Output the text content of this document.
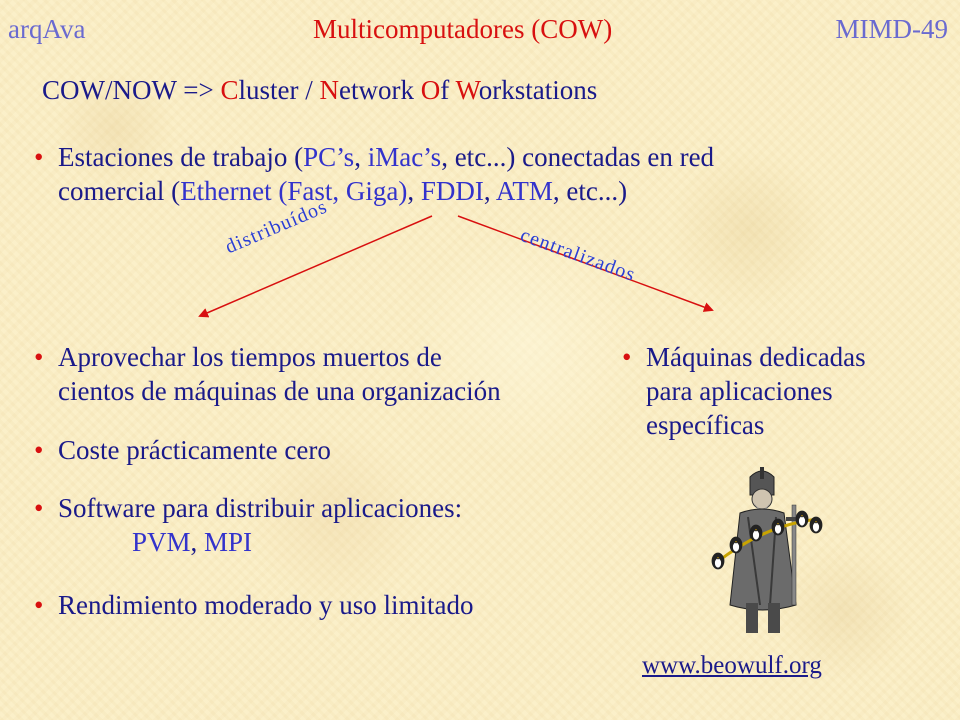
arqAva	Multicomputadores (COW)	MIMD-49
COW/NOW => Cluster / Network Of Workstations
• Estaciones de trabajo (PC’s, iMac’s, etc...) conectadas en red
comercial (Ethernet (Fast, Giga), FDDI, ATM, etc...)
distribuídos	centralizados
• Aprovechar los tiempos muertos de
cientos de máquinas de una organización
• Coste prácticamente cero
• Software para distribuir aplicaciones:
PVM, MPI
• Rendimiento moderado y uso limitado
• Máquinas dedicadas
para aplicaciones
específicas
www.beowulf.org
